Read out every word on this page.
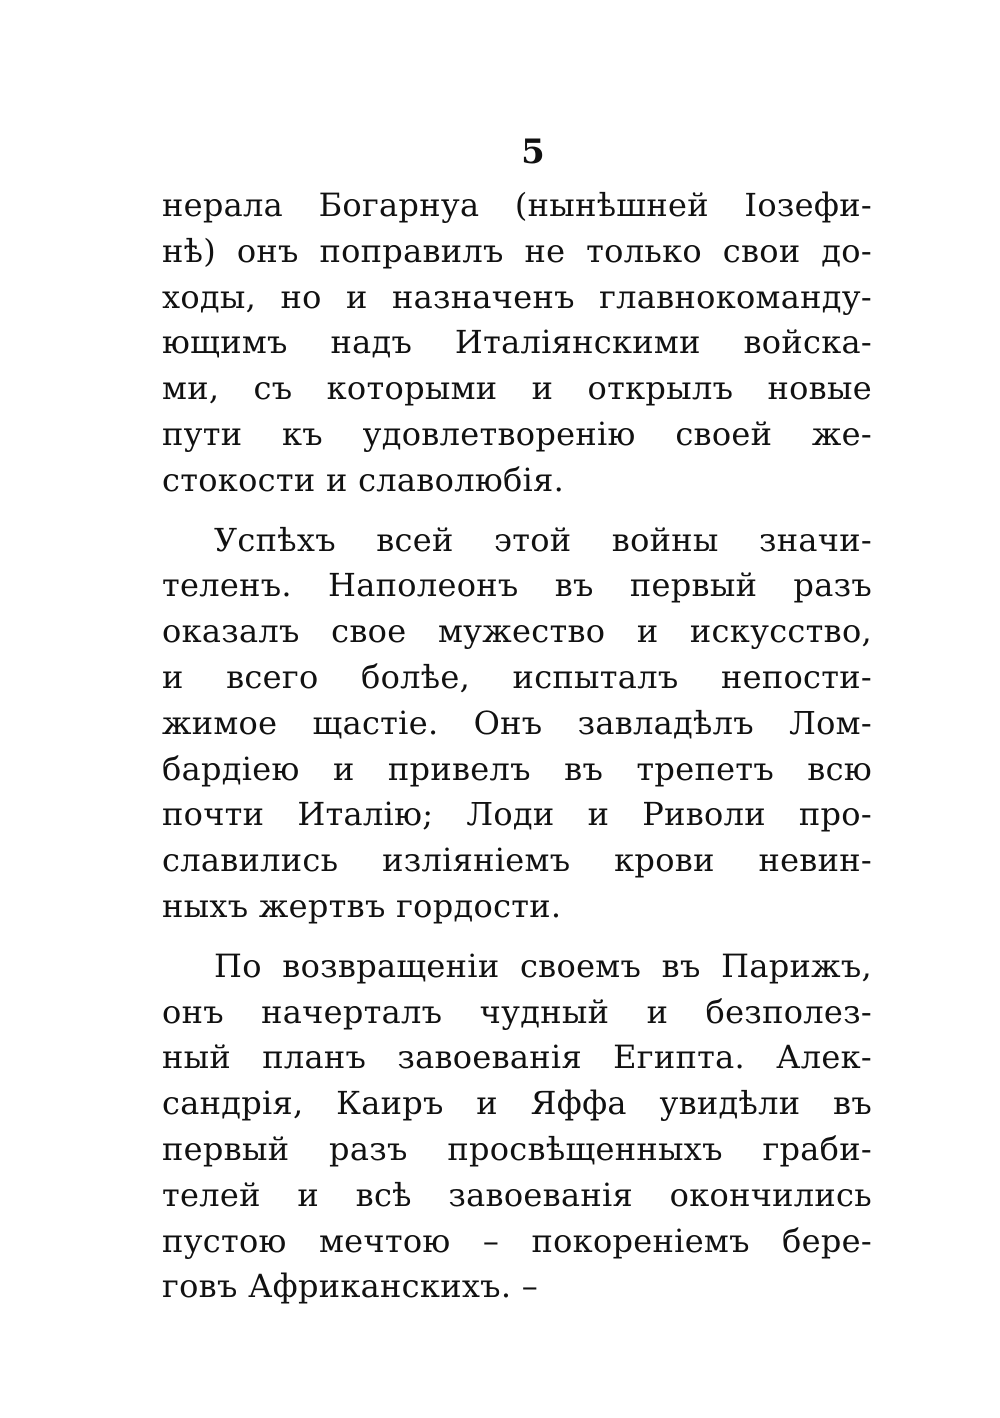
5
нерала Богарнуа (нынѣшней Iозефи-
нѣ) онъ поправилъ не только свои до-
ходы, но и назначенъ главнокоманду-
ющимъ надъ Италiянскими войска-
ми, съ которыми и открылъ новые
пути къ удовлетворенiю своей же-
стокости и славолюбiя.
Успѣхъ всей этой войны значи-
теленъ. Наполеонъ въ первый разъ
оказалъ свое мужество и искусство,
и всего болѣе, испыталъ непости-
жимое щастiе. Онъ завладѣлъ Лом-
бардiею и привелъ въ трепетъ всю
почти Италiю; Лоди и Риволи про-
славились излiянiемъ крови невин-
ныхъ жертвъ гордости.
По возвращенiи своемъ въ Парижъ,
онъ начерталъ чудный и безполез-
ный планъ завоеванiя Египта. Алек-
сандрiя, Каиръ и Яффа увидѣли въ
первый разъ просвѣщенныхъ граби-
телей и всѣ завоеванiя окончились
пустою мечтою – покоренiемъ бере-
говъ Африканскихъ. –
